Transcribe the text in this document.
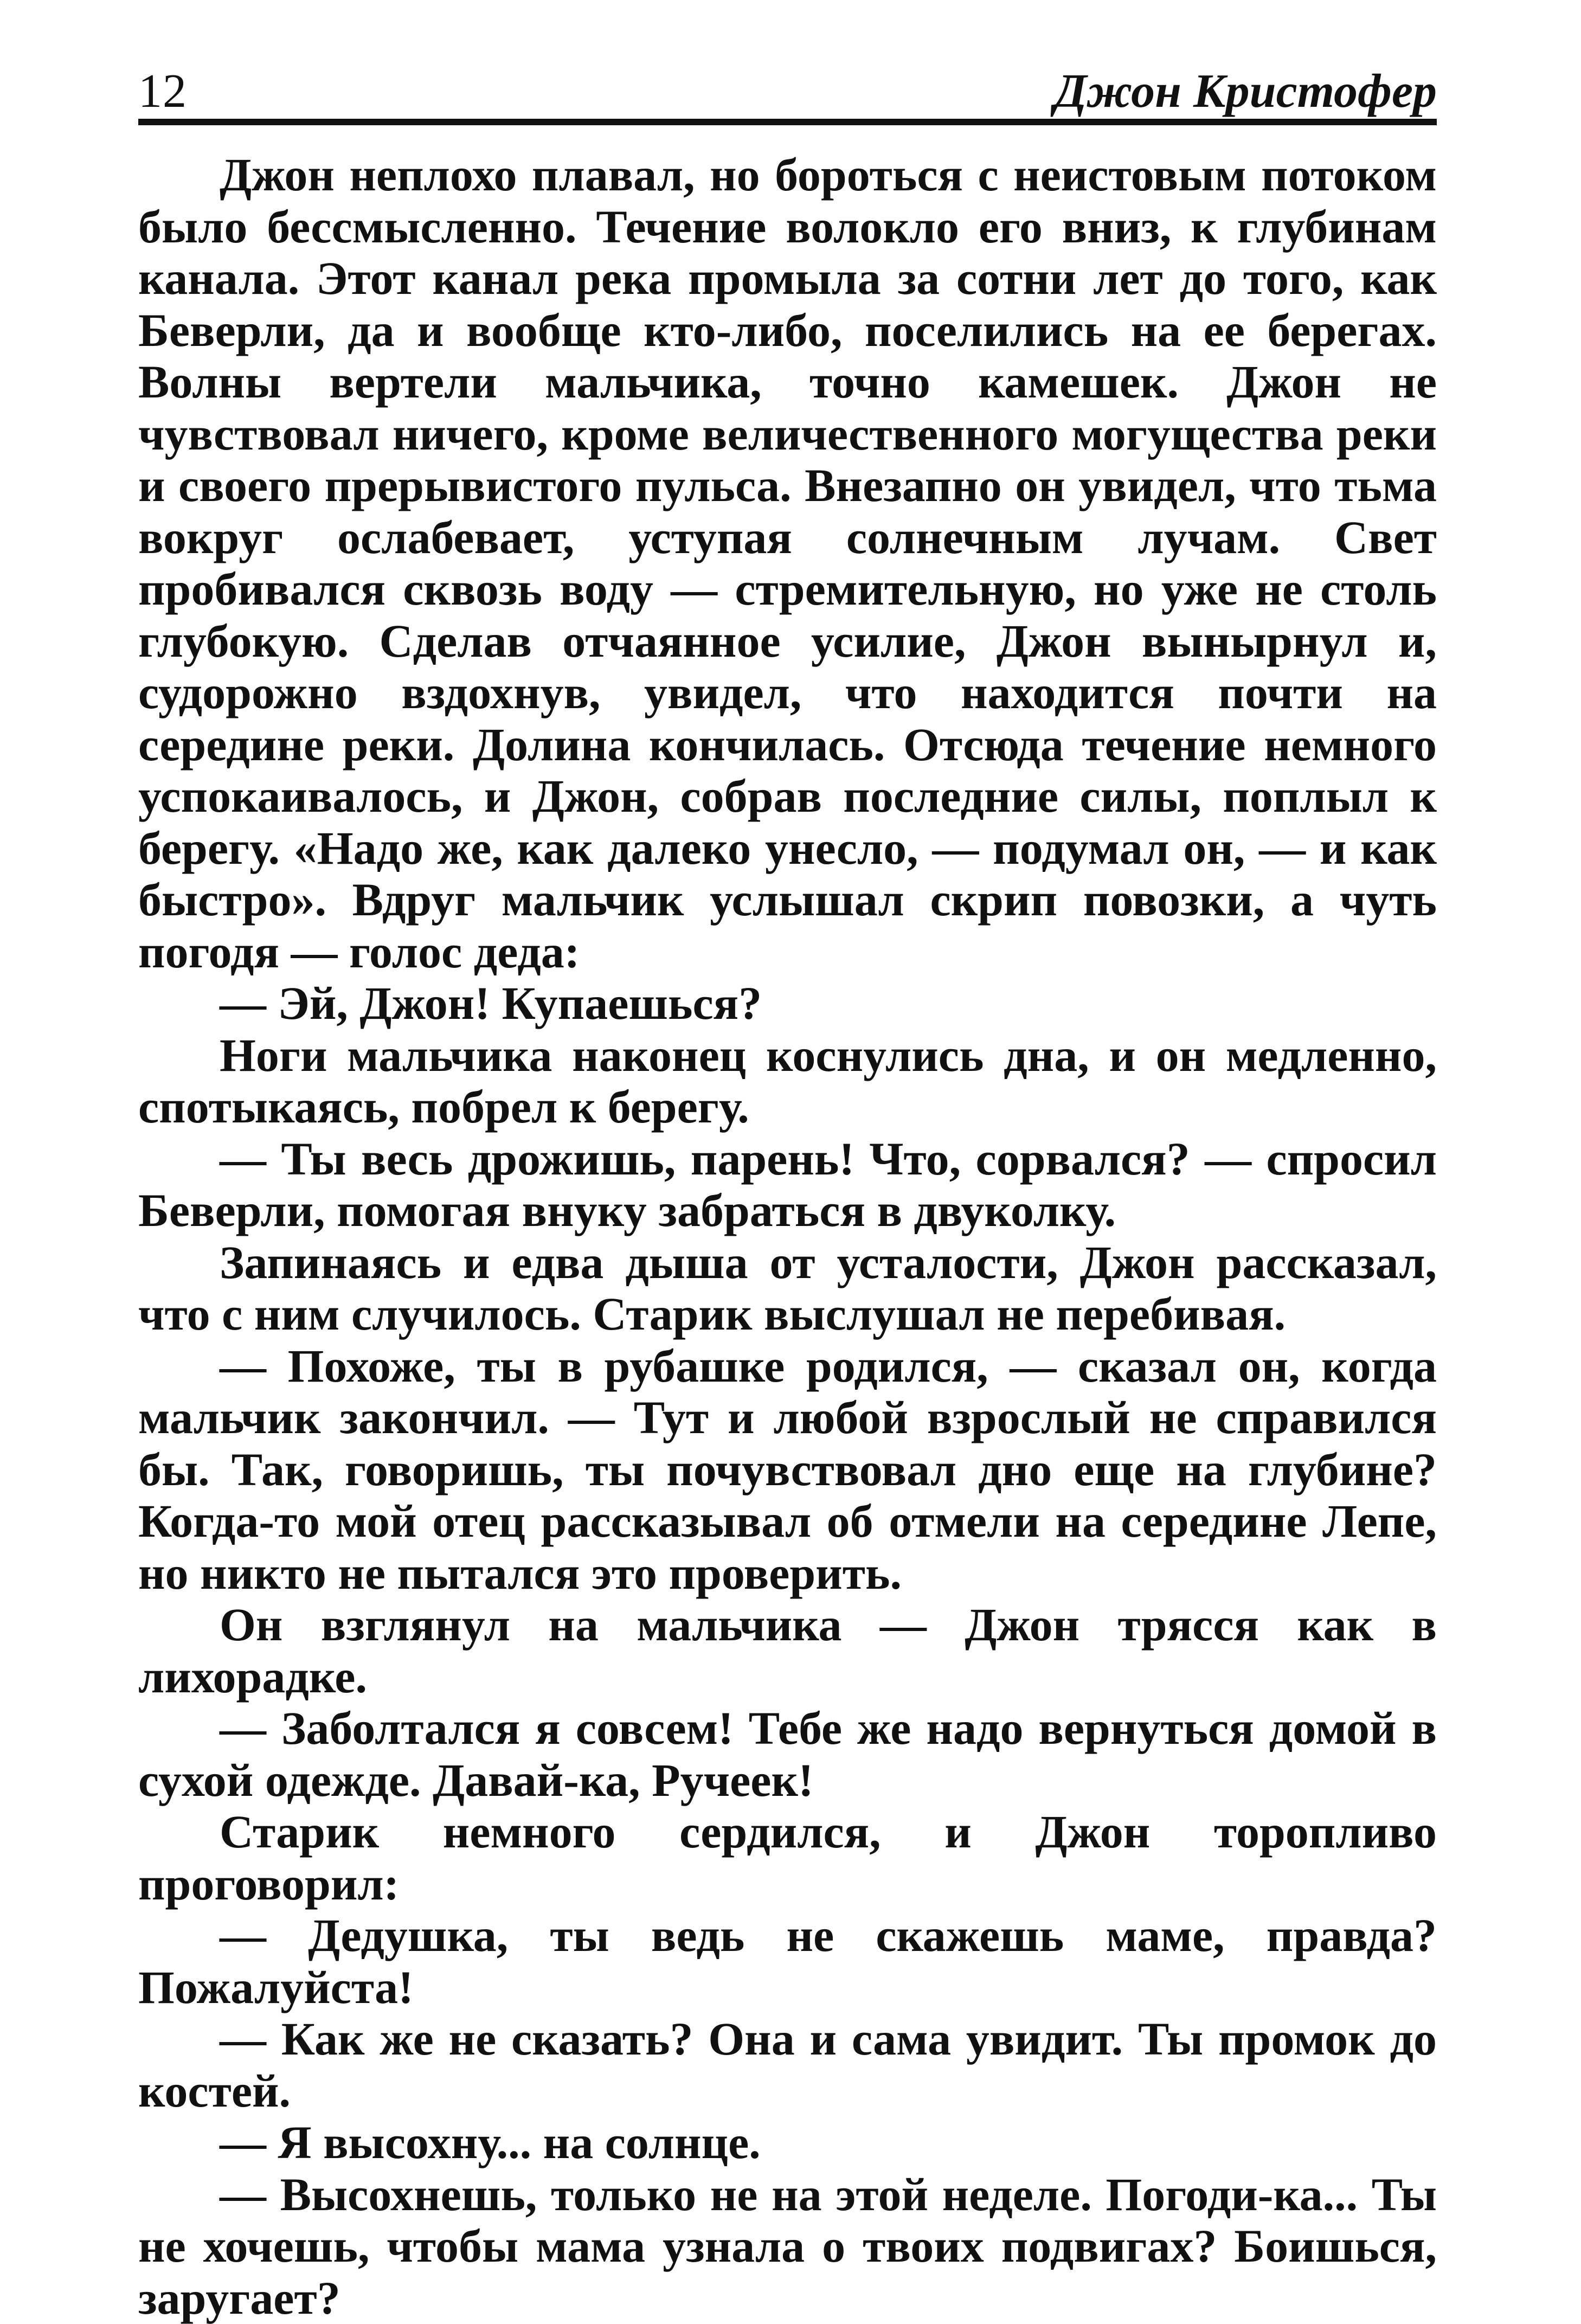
12	Джон Кристофер

Джон неплохо плавал, но бороться с неистовым потоком было бессмысленно. Течение волокло его вниз, к глубинам канала. Этот канал река промыла за сотни лет до того, как Беверли, да и вообще кто-либо, поселились на ее берегах. Волны вертели мальчика, точно камешек. Джон не чувствовал ничего, кроме величественного могущества реки и своего прерывистого пульса. Внезапно он увидел, что тьма вокруг ослабевает, уступая солнечным лучам. Свет пробивался сквозь воду — стремительную, но уже не столь глубокую. Сделав отчаянное усилие, Джон вынырнул и, судорожно вздохнув, увидел, что находится почти на середине реки. Долина кончилась. Отсюда течение немного успокаивалось, и Джон, собрав последние силы, поплыл к берегу. «Надо же, как далеко унесло, — подумал он, — и как быстро». Вдруг мальчик услышал скрип повозки, а чуть погодя — голос деда:

— Эй, Джон! Купаешься?

Ноги мальчика наконец коснулись дна, и он медленно, спотыкаясь, побрел к берегу.

— Ты весь дрожишь, парень! Что, сорвался? — спросил Беверли, помогая внуку забраться в двуколку.

Запинаясь и едва дыша от усталости, Джон рассказал, что с ним случилось. Старик выслушал не перебивая.

— Похоже, ты в рубашке родился, — сказал он, когда мальчик закончил. — Тут и любой взрослый не справился бы. Так, говоришь, ты почувствовал дно еще на глубине? Когда-то мой отец рассказывал об отмели на середине Лепе, но никто не пытался это проверить.

Он взглянул на мальчика — Джон трясся как в лихорадке.

— Заболтался я совсем! Тебе же надо вернуться домой в сухой одежде. Давай-ка, Ручеек!

Старик немного сердился, и Джон торопливо проговорил:

— Дедушка, ты ведь не скажешь маме, правда? Пожалуйста!

— Как же не сказать? Она и сама увидит. Ты промок до костей.

— Я высохну... на солнце.

— Высохнешь, только не на этой неделе. Погоди-ка... Ты не хочешь, чтобы мама узнала о твоих подвигах? Боишься, заругает?
